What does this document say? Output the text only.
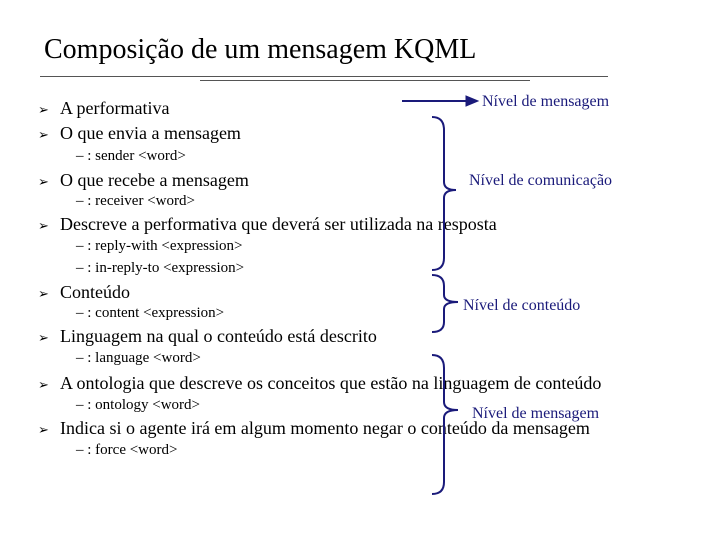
Composição de um mensagem KQML
➢ A performativa
➢ O que envia a mensagem
– : sender <word>
➢ O que recebe a mensagem
– : receiver <word>
➢ Descreve a performativa que deverá ser utilizada na resposta
– : reply-with <expression>
– : in-reply-to <expression>
➢ Conteúdo
– : content <expression>
➢ Linguagem na qual o conteúdo está descrito
– : language <word>
➢ A ontologia que descreve os conceitos que estão na linguagem de conteúdo
– : ontology <word>
➢ Indica si o agente irá em algum momento negar o conteúdo da mensagem
– : force <word>
Nível de mensagem
Nível de comunicação
Nível de conteúdo
Nível de mensagem
